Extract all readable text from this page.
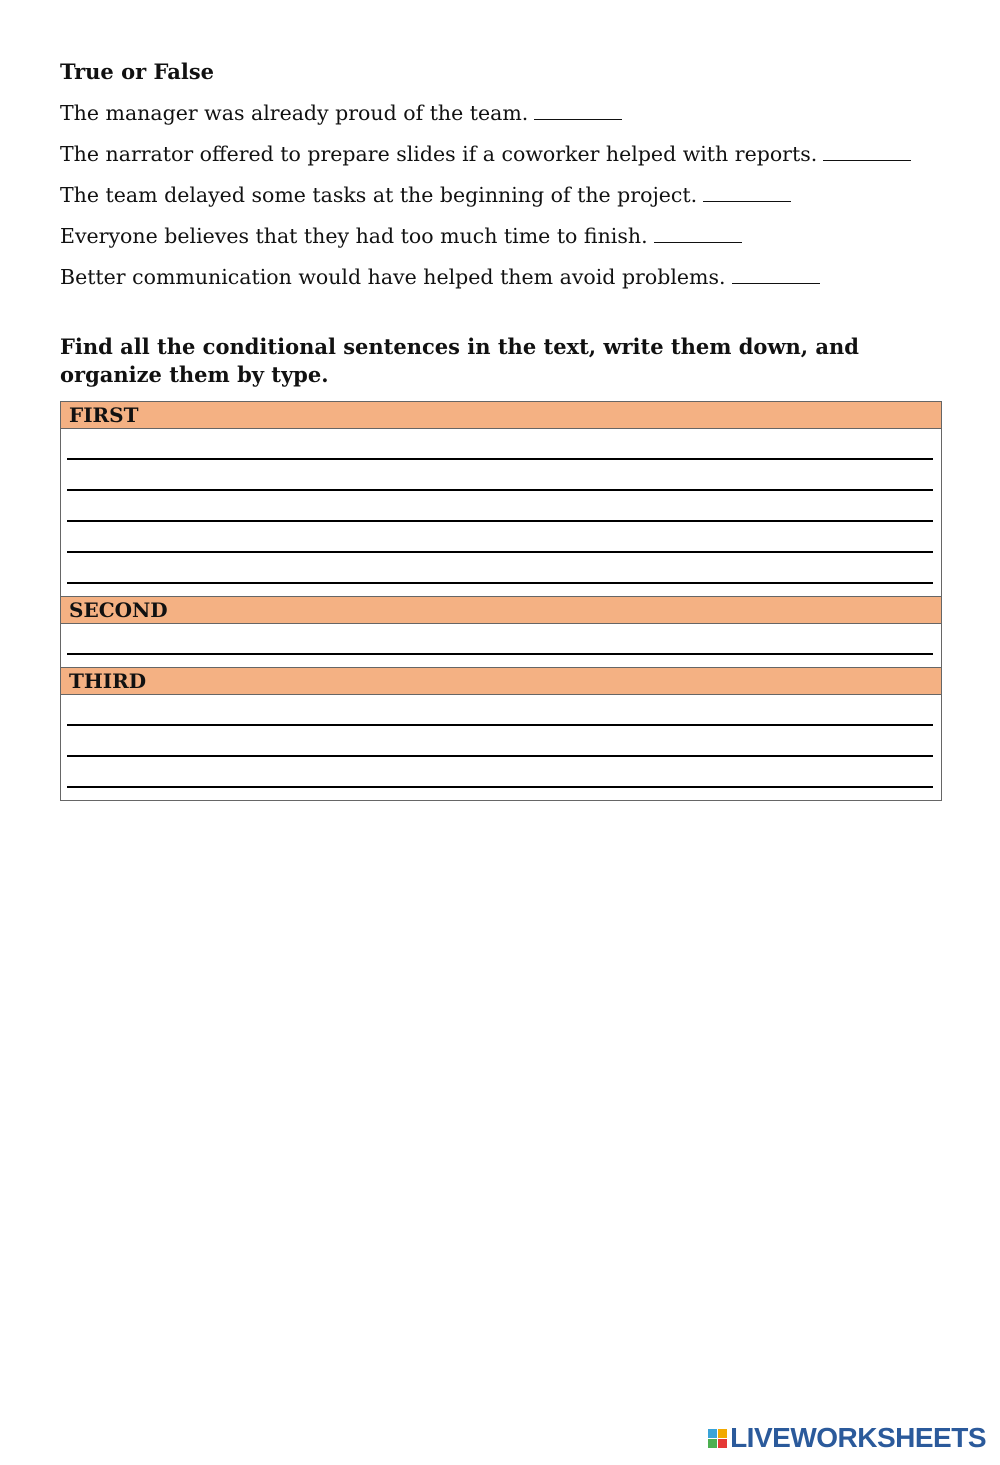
True or False
The manager was already proud of the team.
The narrator offered to prepare slides if a coworker helped with reports.
The team delayed some tasks at the beginning of the project.
Everyone believes that they had too much time to finish.
Better communication would have helped them avoid problems.
Find all the conditional sentences in the text, write them down, and organize them by type.
FIRST

SECOND

THIRD

LIVEWORKSHEETS
